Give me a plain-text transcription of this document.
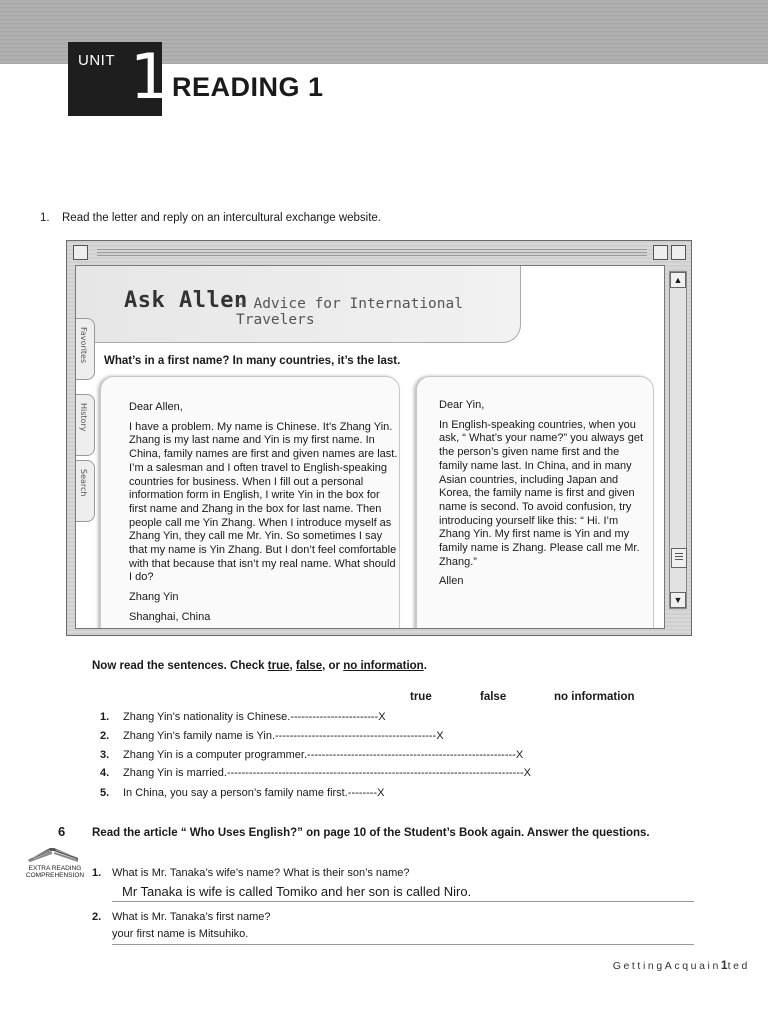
UNIT 1 READING 1
1. Read the letter and reply on an intercultural exchange website.
Ask Allen
— Advice for International Travelers
Favorites
History
Search
What’s in a first name? In many countries, it’s the last.

Dear Allen,

I have a problem. My name is Chinese. It’s Zhang Yin. Zhang is my last name and Yin is my first name. In China, family names are first and given names are last. I’m a salesman and I often travel to English-speaking countries for business. When I fill out a personal information form in English, I write Yin in the box for first name and Zhang in the box for last name. Then people call me Yin Zhang. When I introduce myself as Zhang Yin, they call me Mr. Yin. So sometimes I say that my name is Yin Zhang. But I don’t feel comfortable with that because that isn’t my real name. What should I do?

Zhang Yin

Shanghai, China

Dear Yin,

In English-speaking countries, when you ask, “ What’s your name?” you always get the person’s given name first and the family name last. In China, and in many Asian countries, including Japan and Korea, the family name is first and given name is second. To avoid confusion, try introducing yourself like this: “ Hi. I’m Zhang Yin. My first name is Yin and my family name is Zhang. Please call me Mr. Zhang.”

Allen

▲
▼
Now read the sentences. Check true, false, or no information.
true	false	no information
1. Zhang Yin’s nationality is Chinese.------------------------X
2. Zhang Yin’s family name is Yin.--------------------------------------------X
3. Zhang Yin is a computer programmer.---------------------------------------------------------X
4. Zhang Yin is married.---------------------------------------------------------------------------------X
5. In China, you say a person’s family name first.--------X
6 Read the article “ Who Uses English?” on page 10 of the Student’s Book again. Answer the questions.
EXTRA READING COMPREHENSION 1. What is Mr. Tanaka’s wife’s name? What is their son’s name?
Mr Tanaka is wife is called Tomiko and her son is called Niro.
2. What is Mr. Tanaka’s first name?
your first name is Mitsuhiko.
GettingAcquain1ted
